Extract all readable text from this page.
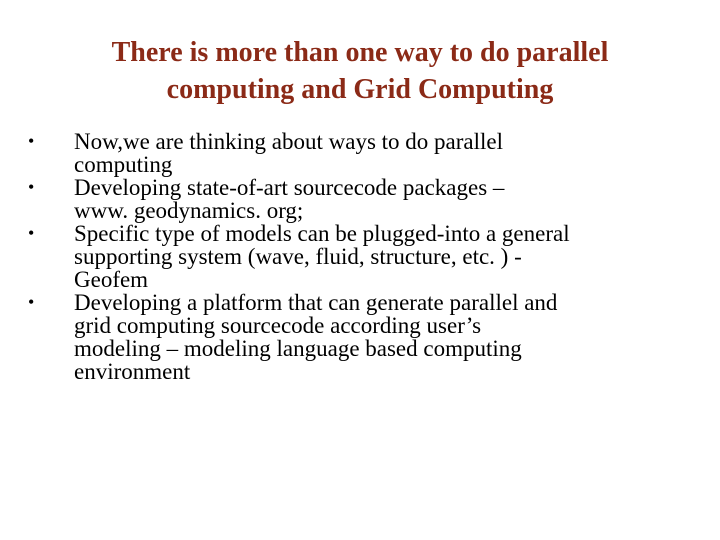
There is more than one way to do parallel
computing and Grid Computing
•	Now,we are thinking about ways to do parallel
computing
•	Developing state-of-art sourcecode packages –
www. geodynamics. org;
•	Specific type of models can be plugged-into a general
supporting system (wave, fluid, structure, etc. ) -
Geofem
•	Developing a platform that can generate parallel and
grid computing sourcecode according user’s
modeling – modeling language based computing
environment
